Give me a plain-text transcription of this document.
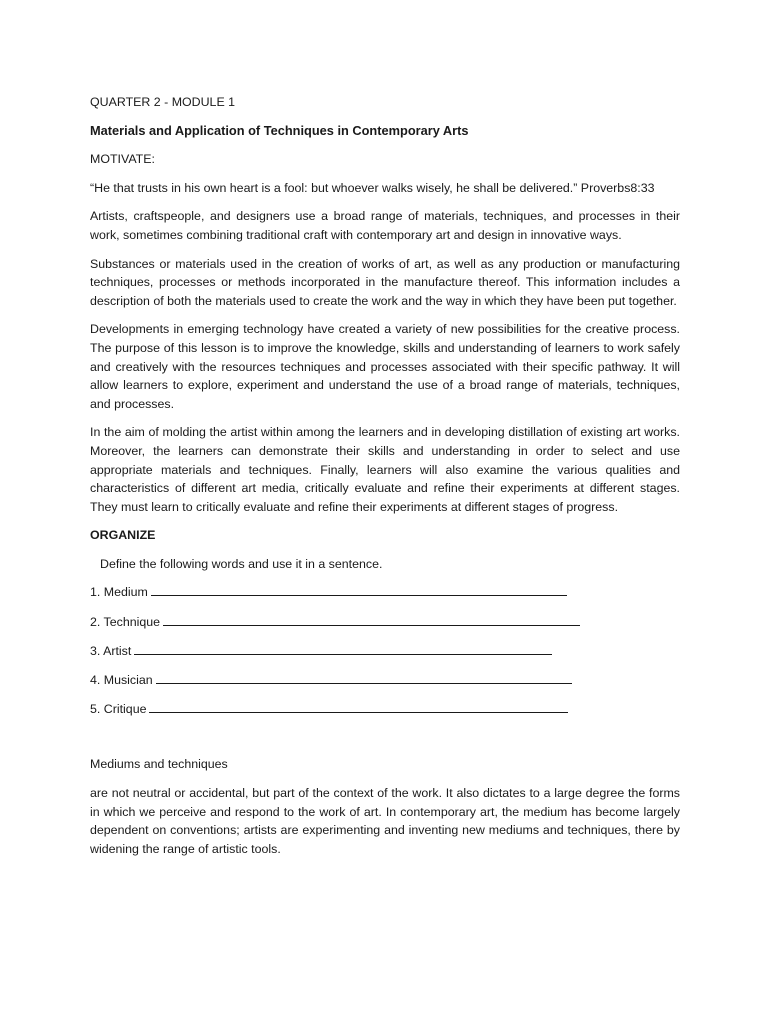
QUARTER 2 - MODULE 1
Materials and Application of Techniques in Contemporary Arts
MOTIVATE:
“He that trusts in his own heart is a fool: but whoever walks wisely, he shall be delivered.” Proverbs8:33
Artists, craftspeople, and designers use a broad range of materials, techniques, and processes in their work, sometimes combining traditional craft with contemporary art and design in innovative ways.
Substances or materials used in the creation of works of art, as well as any production or manufacturing techniques, processes or methods incorporated in the manufacture thereof. This information includes a description of both the materials used to create the work and the way in which they have been put together.
Developments in emerging technology have created a variety of new possibilities for the creative process. The purpose of this lesson is to improve the knowledge, skills and understanding of learners to work safely and creatively with the resources techniques and processes associated with their specific pathway. It will allow learners to explore, experiment and understand the use of a broad range of materials, techniques, and processes.
In the aim of molding the artist within among the learners and in developing distillation of existing art works. Moreover, the learners can demonstrate their skills and understanding in order to select and use appropriate materials and techniques. Finally, learners will also examine the various qualities and characteristics of different art media, critically evaluate and refine their experiments at different stages. They must learn to critically evaluate and refine their experiments at different stages of progress.
ORGANIZE
Define the following words and use it in a sentence.
1. Medium
2. Technique
3. Artist
4. Musician
5. Critique
Mediums and techniques
are not neutral or accidental, but part of the context of the work. It also dictates to a large degree the forms in which we perceive and respond to the work of art. In contemporary art, the medium has become largely dependent on conventions; artists are experimenting and inventing new mediums and techniques, there by widening the range of artistic tools.
